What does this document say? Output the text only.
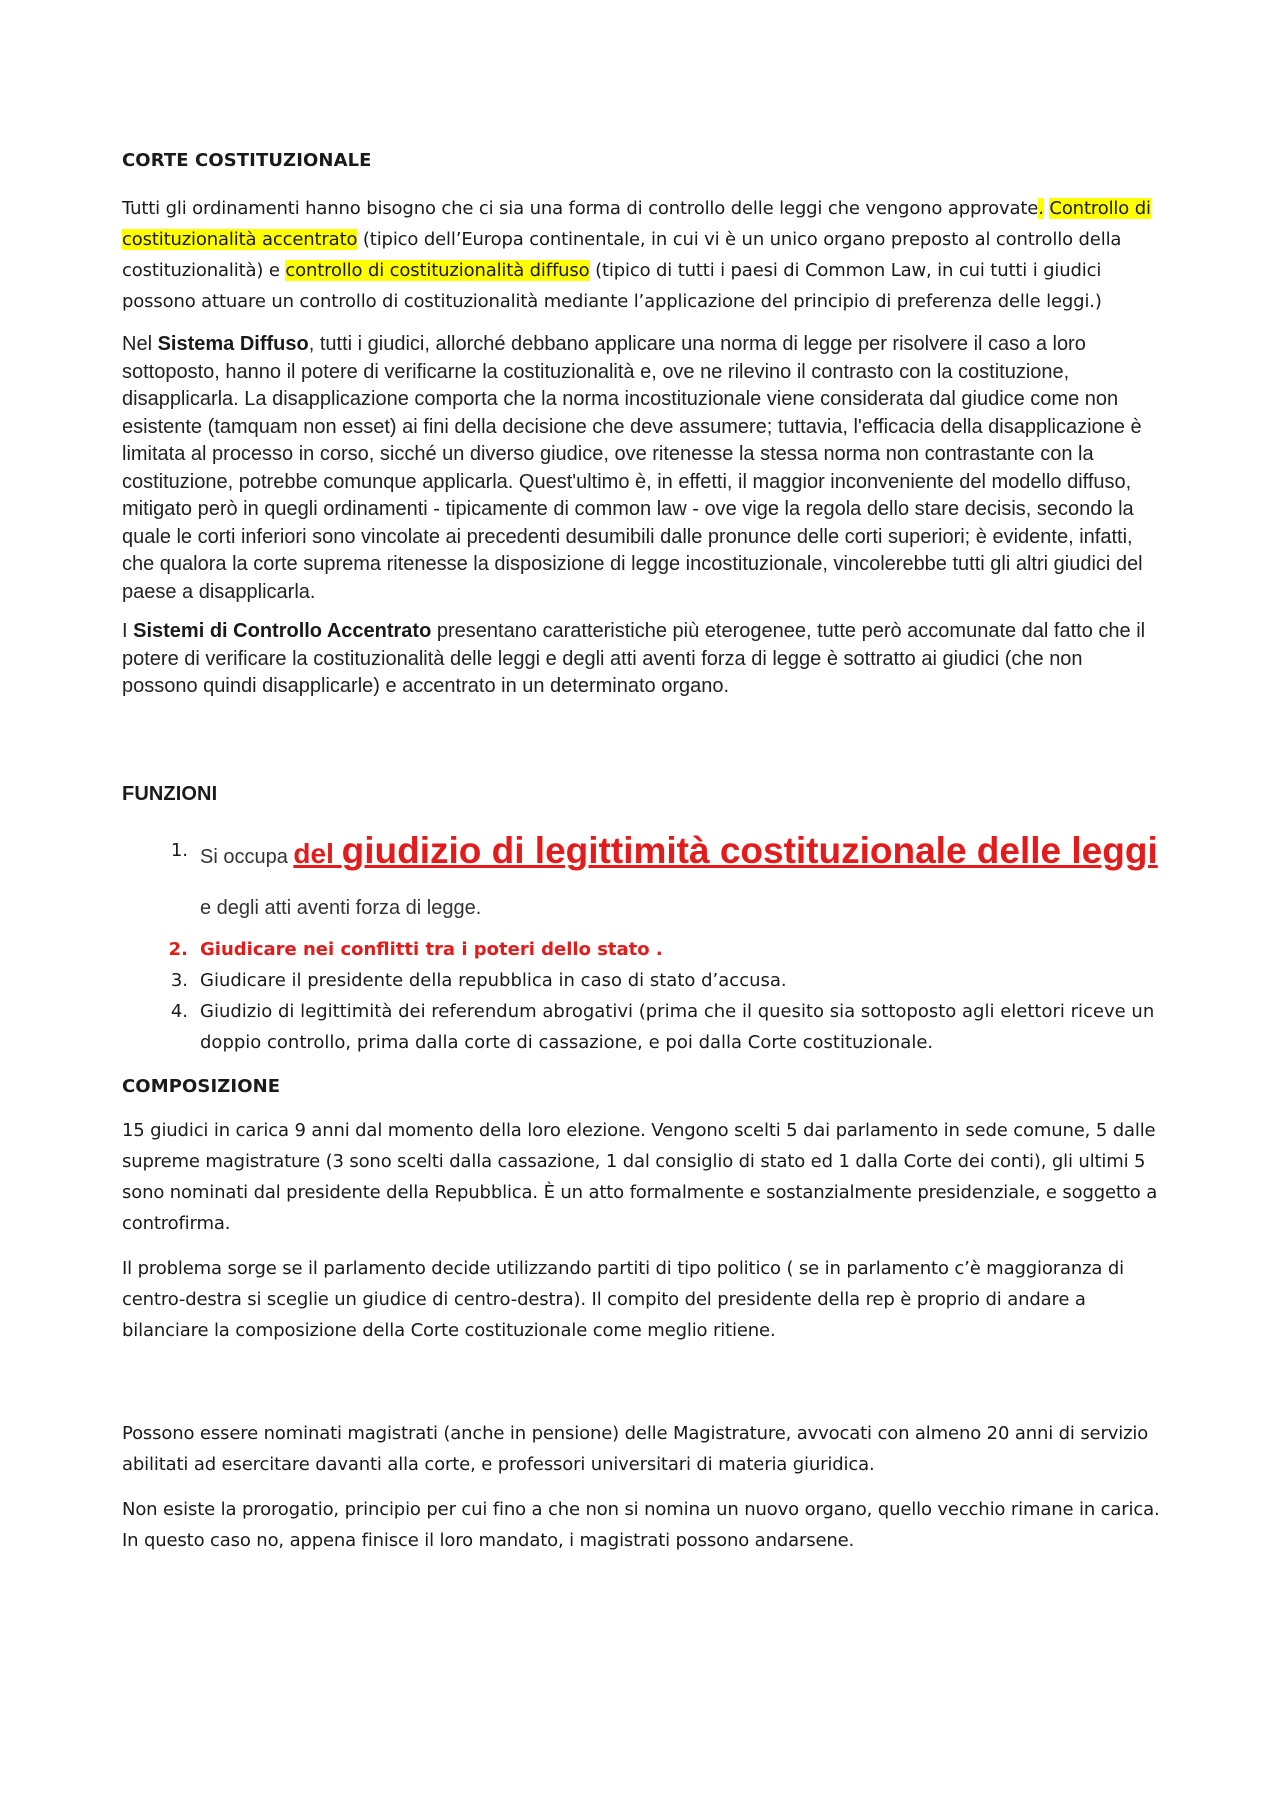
CORTE COSTITUZIONALE

Tutti gli ordinamenti hanno bisogno che ci sia una forma di controllo delle leggi che vengono approvate. Controllo di costituzionalità accentrato (tipico dell’Europa continentale, in cui vi è un unico organo preposto al controllo della costituzionalità) e controllo di costituzionalità diffuso (tipico di tutti i paesi di Common Law, in cui tutti i giudici possono attuare un controllo di costituzionalità mediante l’applicazione del principio di preferenza delle leggi.)

Nel Sistema Diffuso, tutti i giudici, allorché debbano applicare una norma di legge per risolvere il caso a loro sottoposto, hanno il potere di verificarne la costituzionalità e, ove ne rilevino il contrasto con la costituzione, disapplicarla. La disapplicazione comporta che la norma incostituzionale viene considerata dal giudice come non esistente (tamquam non esset) ai fini della decisione che deve assumere; tuttavia, l'efficacia della disapplicazione è limitata al processo in corso, sicché un diverso giudice, ove ritenesse la stessa norma non contrastante con la costituzione, potrebbe comunque applicarla. Quest'ultimo è, in effetti, il maggior inconveniente del modello diffuso, mitigato però in quegli ordinamenti - tipicamente di common law - ove vige la regola dello stare decisis, secondo la quale le corti inferiori sono vincolate ai precedenti desumibili dalle pronunce delle corti superiori; è evidente, infatti, che qualora la corte suprema ritenesse la disposizione di legge incostituzionale, vincolerebbe tutti gli altri giudici del paese a disapplicarla.

I Sistemi di Controllo Accentrato presentano caratteristiche più eterogenee, tutte però accomunate dal fatto che il potere di verificare la costituzionalità delle leggi e degli atti aventi forza di legge è sottratto ai giudici (che non possono quindi disapplicarle) e accentrato in un determinato organo.

FUNZIONI
Si occupa del giudizio di legittimità costituzionale delle leggi e degli atti aventi forza di legge.
Giudicare nei conflitti tra i poteri dello stato .
Giudicare il presidente della repubblica in caso di stato d’accusa.
Giudizio di legittimità dei referendum abrogativi (prima che il quesito sia sottoposto agli elettori riceve un doppio controllo, prima dalla corte di cassazione, e poi dalla Corte costituzionale.
COMPOSIZIONE

15 giudici in carica 9 anni dal momento della loro elezione. Vengono scelti 5 dai parlamento in sede comune, 5 dalle supreme magistrature (3 sono scelti dalla cassazione, 1 dal consiglio di stato ed 1 dalla Corte dei conti), gli ultimi 5 sono nominati dal presidente della Repubblica. È un atto formalmente e sostanzialmente presidenziale, e soggetto a controfirma.

Il problema sorge se il parlamento decide utilizzando partiti di tipo politico ( se in parlamento c’è maggioranza di centro-destra si sceglie un giudice di centro-destra). Il compito del presidente della rep è proprio di andare a bilanciare la composizione della Corte costituzionale come meglio ritiene.

Possono essere nominati magistrati (anche in pensione) delle Magistrature, avvocati con almeno 20 anni di servizio abilitati ad esercitare davanti alla corte, e professori universitari di materia giuridica.

Non esiste la prorogatio, principio per cui fino a che non si nomina un nuovo organo, quello vecchio rimane in carica. In questo caso no, appena finisce il loro mandato, i magistrati possono andarsene.
